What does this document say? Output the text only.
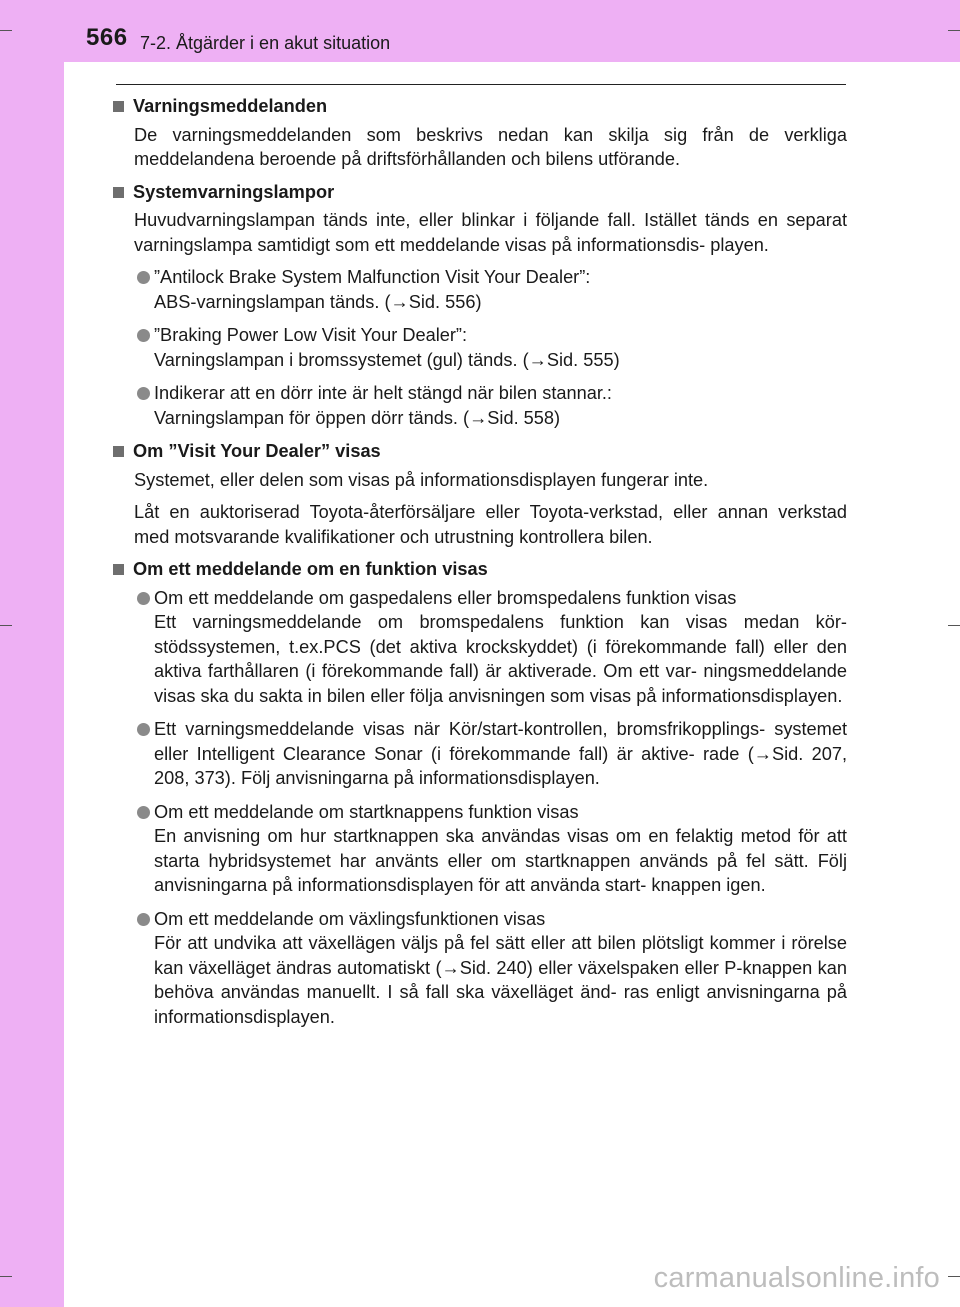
566 7-2. Åtgärder i en akut situation
Varningsmeddelanden
De varningsmeddelanden som beskrivs nedan kan skilja sig från de verkliga meddelandena beroende på driftsförhållanden och bilens utförande.
Systemvarningslampor
Huvudvarningslampan tänds inte, eller blinkar i följande fall. Istället tänds en separat varningslampa samtidigt som ett meddelande visas på informationsdis- playen.
”Antilock Brake System Malfunction Visit Your Dealer”:
ABS-varningslampan tänds. (→Sid. 556)
”Braking Power Low Visit Your Dealer”:
Varningslampan i bromssystemet (gul) tänds. (→Sid. 555)
Indikerar att en dörr inte är helt stängd när bilen stannar.:
Varningslampan för öppen dörr tänds. (→Sid. 558)
Om ”Visit Your Dealer” visas
Systemet, eller delen som visas på informationsdisplayen fungerar inte.
Låt en auktoriserad Toyota-återförsäljare eller Toyota-verkstad, eller annan verkstad med motsvarande kvalifikationer och utrustning kontrollera bilen.
Om ett meddelande om en funktion visas
Om ett meddelande om gaspedalens eller bromspedalens funktion visas
Ett varningsmeddelande om bromspedalens funktion kan visas medan kör- stödssystemen, t.ex.PCS (det aktiva krockskyddet) (i förekommande fall) eller den aktiva farthållaren (i förekommande fall) är aktiverade. Om ett var- ningsmeddelande visas ska du sakta in bilen eller följa anvisningen som visas på informationsdisplayen.
Ett varningsmeddelande visas när Kör/start-kontrollen, bromsfrikopplings- systemet eller Intelligent Clearance Sonar (i förekommande fall) är aktive- rade (→Sid. 207, 208, 373). Följ anvisningarna på informationsdisplayen.
Om ett meddelande om startknappens funktion visas
En anvisning om hur startknappen ska användas visas om en felaktig metod för att starta hybridsystemet har använts eller om startknappen används på fel sätt. Följ anvisningarna på informationsdisplayen för att använda start- knappen igen.
Om ett meddelande om växlingsfunktionen visas
För att undvika att växellägen väljs på fel sätt eller att bilen plötsligt kommer i rörelse kan växelläget ändras automatiskt (→Sid. 240) eller växelspaken eller P-knappen kan behöva användas manuellt. I så fall ska växelläget änd- ras enligt anvisningarna på informationsdisplayen.
carmanualsonline.info
